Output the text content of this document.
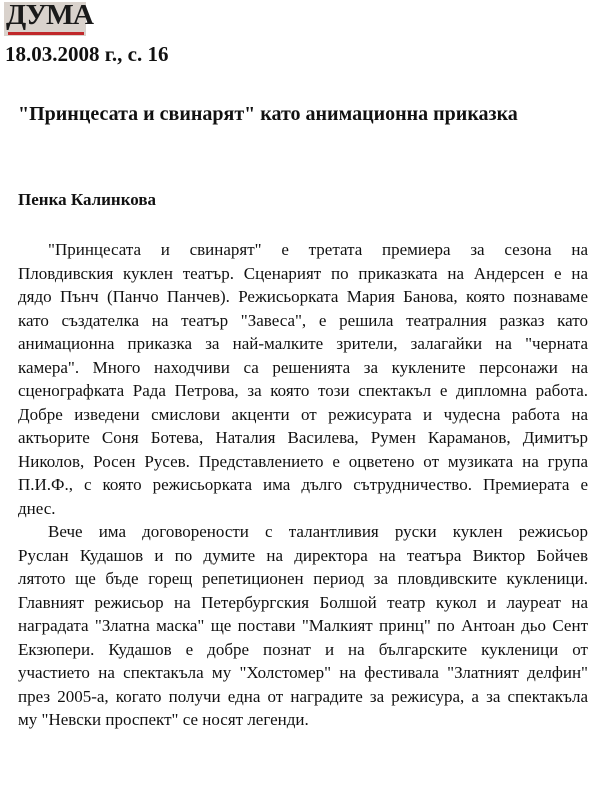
ДУМА
18.03.2008 г., с. 16
"Принцесата и свинарят" като анимационна приказка
Пенка Калинкова
"Принцесата и свинарят" е третата премиера за сезона на
Пловдивския куклен театър. Сценарият по приказката на Андерсен е на
дядо Пънч (Панчо Панчев). Режисьорката Мария Банова, която познаваме
като създателка на театър "Завеса", е решила театралния разказ като
анимационна приказка за най-малките зрители, залагайки на "черната
камера". Много находчиви са решенията за куклените персонажи на
сценографката Рада Петрова, за която този спектакъл е дипломна работа.
Добре изведени смислови акценти от режисурата и чудесна работа на
актьорите Соня Ботева, Наталия Василева, Румен Караманов, Димитър
Николов, Росен Русев. Представлението е оцветено от музиката на група
П.И.Ф., с която режисьорката има дълго сътрудничество. Премиерата е
днес.
Вече има договорености с талантливия руски куклен режисьор
Руслан Кудашов и по думите на директора на театъра Виктор Бойчев
лятото ще бъде горещ репетиционен период за пловдивските кукленици.
Главният режисьор на Петербургския Болшой театр кукол и лауреат на
наградата "Златна маска" ще постави "Малкият принц" по Антоан дьо Сент
Екзюпери. Кудашов е добре познат и на българските кукленици от
участието на спектакъла му "Холстомер" на фестивала "Златният делфин"
през 2005-а, когато получи една от наградите за режисура, а за спектакъла
му "Невски проспект" се носят легенди.
